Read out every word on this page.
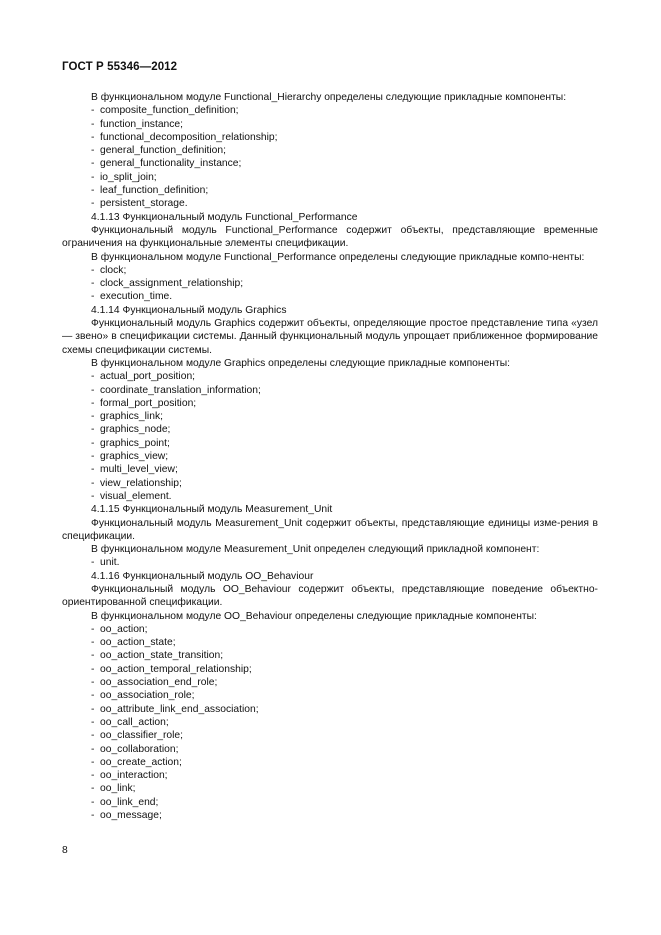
ГОСТ Р 55346—2012

В функциональном модуле Functional_Hierarchy определены следующие прикладные компоненты:

- composite_function_definition;

- function_instance;

- functional_decomposition_relationship;

- general_function_definition;

- general_functionality_instance;

- io_split_join;

- leaf_function_definition;

- persistent_storage.

4.1.13 Функциональный модуль Functional_Performance

Функциональный модуль Functional_Performance содержит объекты, представляющие временные ограничения на функциональные элементы спецификации.

В функциональном модуле Functional_Performance определены следующие прикладные компо-ненты:

- clock;

- clock_assignment_relationship;

- execution_time.

4.1.14 Функциональный модуль Graphics

Функциональный модуль Graphics содержит объекты, определяющие простое представление типа «узел — звено» в спецификации системы. Данный функциональный модуль упрощает приближенное формирование схемы спецификации системы.

В функциональном модуле Graphics определены следующие прикладные компоненты:

- actual_port_position;

- coordinate_translation_information;

- formal_port_position;

- graphics_link;

- graphics_node;

- graphics_point;

- graphics_view;

- multi_level_view;

- view_relationship;

- visual_element.

4.1.15 Функциональный модуль Measurement_Unit

Функциональный модуль Measurement_Unit содержит объекты, представляющие единицы изме-рения в спецификации.

В функциональном модуле Measurement_Unit определен следующий прикладной компонент:

- unit.

4.1.16 Функциональный модуль OO_Behaviour

Функциональный модуль OO_Behaviour содержит объекты, представляющие поведение объектно-ориентированной спецификации.

В функциональном модуле OO_Behaviour определены следующие прикладные компоненты:

- oo_action;

- oo_action_state;

- oo_action_state_transition;

- oo_action_temporal_relationship;

- oo_association_end_role;

- oo_association_role;

- oo_attribute_link_end_association;

- oo_call_action;

- oo_classifier_role;

- oo_collaboration;

- oo_create_action;

- oo_interaction;

- oo_link;

- oo_link_end;

- oo_message;

8
